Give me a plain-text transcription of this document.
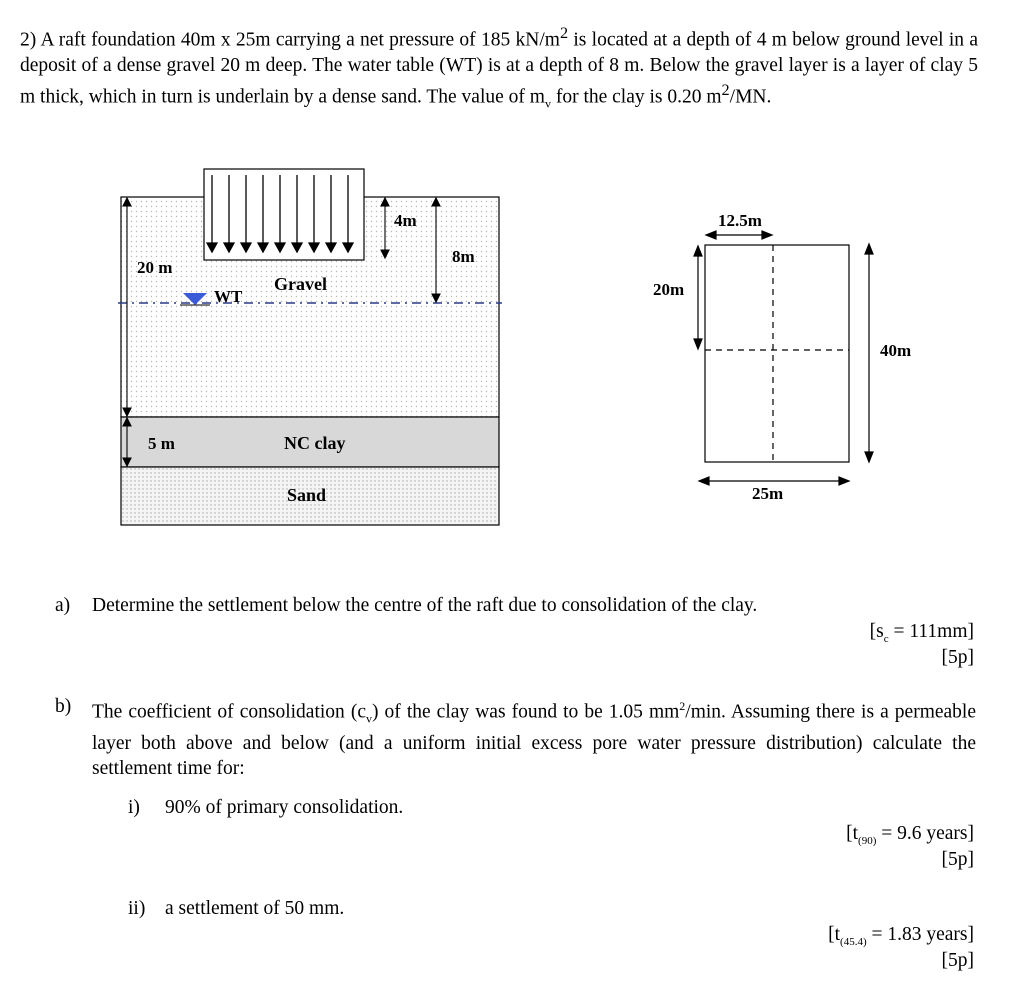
2) A raft foundation 40m x 25m carrying a net pressure of 185 $kN/m^2$ is located at a depth of 4 m below ground level in a deposit of a dense gravel 20 m deep. The water table (WT) is at a depth of 8 m. Below the gravel layer is a layer of clay 5 m thick, which in turn is underlain by a dense sand. The value of $m_v$ for the clay is 0.20 $m^2/MN$.

4m
8m
20 m
WT
Gravel
5 m	NC clay
Sand
12.5m
20m
40m
25m
a) Determine the settlement below the centre of the raft due to consolidation of the clay.
$[s_c = 111mm]$
[5p]
b) The coefficient of consolidation $(c_v)$ of the clay was found to be 1.05 $mm^2/\min$. Assuming there is a permeable layer both above and below (and a uniform initial excess pore water pressure distribution) calculate the settlement time for:
i) 90% of primary consolidation.
[$t_{(90)} = 9.6$ years]
[5p]
ii) a settlement of 50 mm.
[$t_{(45.4)} = 1.83$ years]
[5p]
